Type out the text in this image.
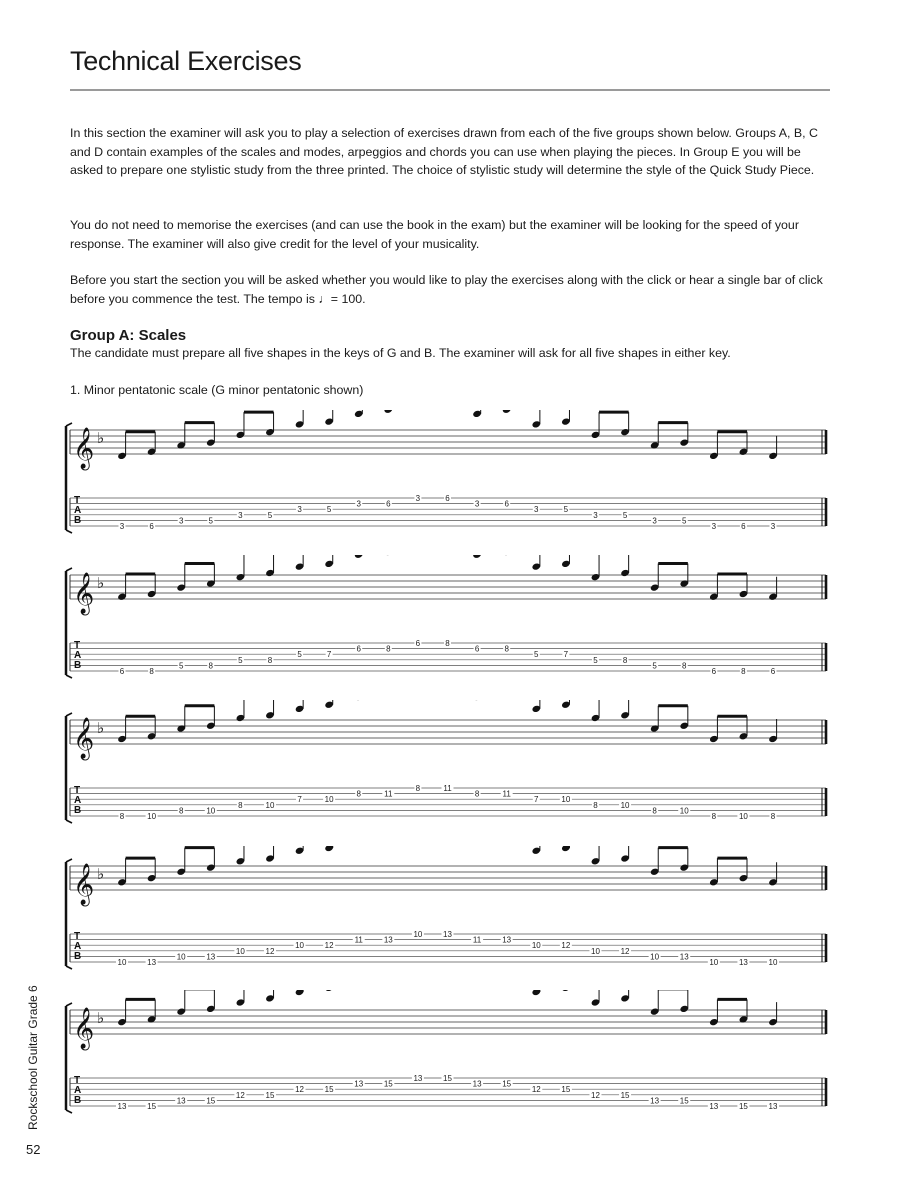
Technical Exercises
In this section the examiner will ask you to play a selection of exercises drawn from each of the five groups shown below. Groups A, B, C and D contain examples of the scales and modes, arpeggios and chords you can use when playing the pieces. In Group E you will be asked to prepare one stylistic study from the three printed. The choice of stylistic study will determine the style of the Quick Study Piece.
You do not need to memorise the exercises (and can use the book in the exam) but the examiner will be looking for the speed of your response. The examiner will also give credit for the level of your musicality.
Before you start the section you will be asked whether you would like to play the exercises along with the click or hear a single bar of click before you commence the test. The tempo is ♩= 100.
Group A: Scales
The candidate must prepare all five shapes in the keys of G and B. The examiner will ask for all five shapes in either key.
1. Minor pentatonic scale (G minor pentatonic shown)
𝄞 ♭
T
A
B
3	6
3	5
3	5
3	5
3	6
3	6
3	6
3	5
3	5
3	5
3	6	3
𝄞 ♭
T
A
B
6	8
5	8
5	8
5	7
6	8
6	8
6	8
5	7
5	8
5	8
6	8	6
𝄞 ♭
T
A
B
8	10
8	10
8	10
7	10
8	11
8	11
8	11
7	10
8	10
8	10
8	10	8
𝄞 ♭
T
A
B
10	13
10	13
10	12
10	12
11	13
10	13
11	13
10	12
10	12
10	13
10	13	10
𝄞 ♭
T
A
B
13	15
13	15
12	15
12	15
13	15
13	15
13	15
12	15
12	15
13	15
13	15	13
Rockschool Guitar Grade 6
52
